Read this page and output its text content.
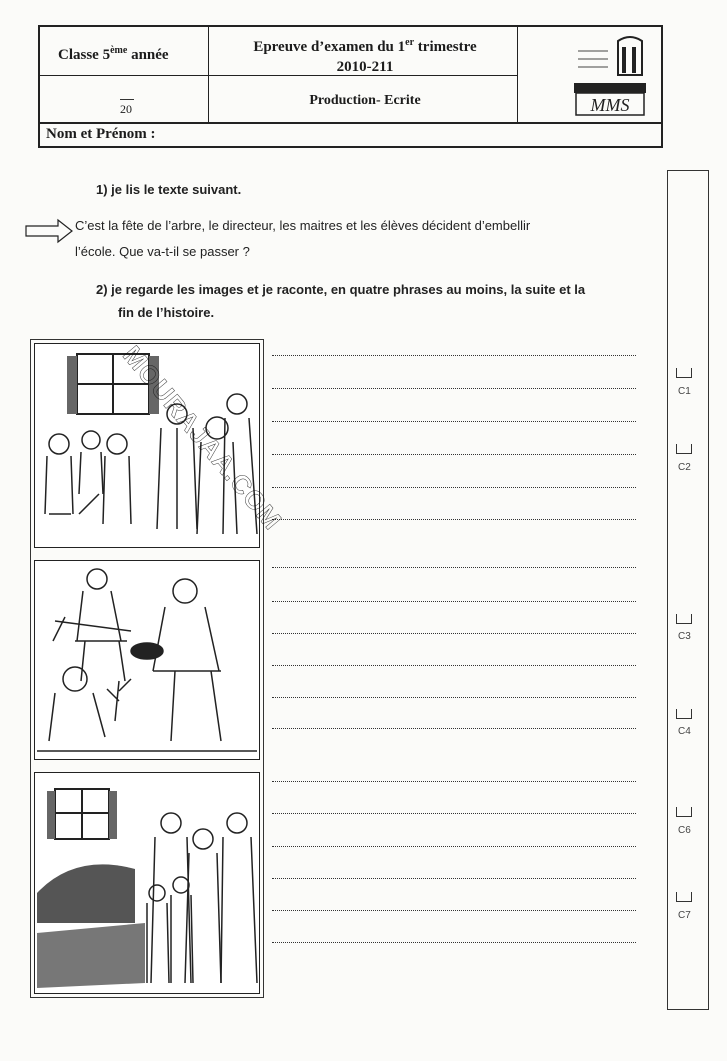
Classe 5ème année
20
Epreuve d’examen du 1er trimestre
2010-211
Production- Ecrite
Nom et Prénom :
MMS
1) je lis le texte suivant.
C’est la fête de l’arbre, le directeur, les maitres et les élèves décident d’embellir
l’école. Que va-t-il se passer ?
2) je regarde les images et je raconte, en quatre phrases au moins, la suite et la
fin de l’histoire.
C1
C2
C3
C4
C6
C7
MOURAJAA.COM
